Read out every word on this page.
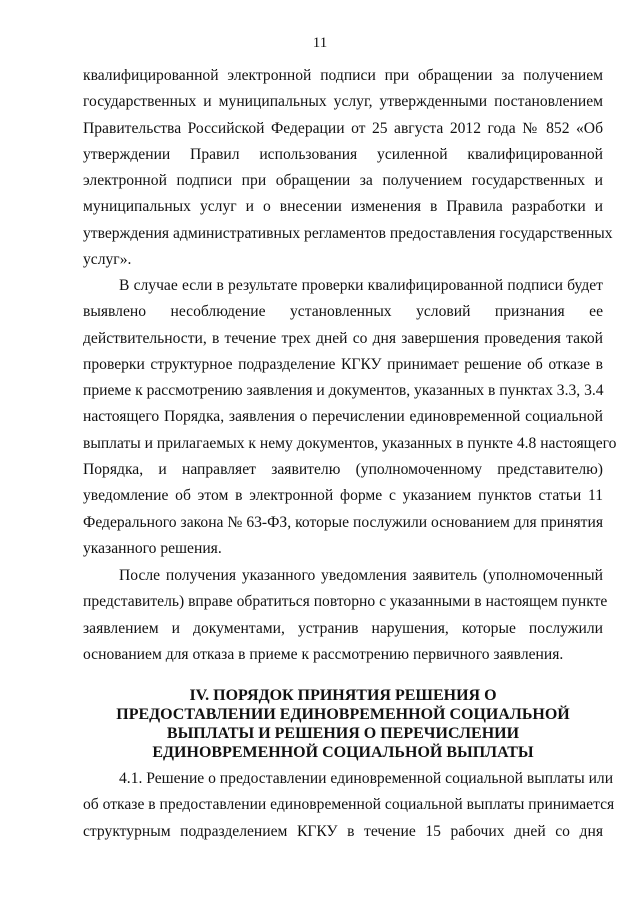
11
квалифицированной электронной подписи при обращении за получением
государственных и муниципальных услуг, утвержденными постановлением
Правительства Российской Федерации от 25 августа 2012 года № 852 «Об
утверждении Правил использования усиленной квалифицированной
электронной подписи при обращении за получением государственных и
муниципальных услуг и о внесении изменения в Правила разработки и
утверждения административных регламентов предоставления государственных
услуг».
В случае если в результате проверки квалифицированной подписи будет
выявлено несоблюдение установленных условий признания ее
действительности, в течение трех дней со дня завершения проведения такой
проверки структурное подразделение КГКУ принимает решение об отказе в
приеме к рассмотрению заявления и документов, указанных в пунктах 3.3, 3.4
настоящего Порядка, заявления о перечислении единовременной социальной
выплаты и прилагаемых к нему документов, указанных в пункте 4.8 настоящего
Порядка, и направляет заявителю (уполномоченному представителю)
уведомление об этом в электронной форме с указанием пунктов статьи 11
Федерального закона № 63-ФЗ, которые послужили основанием для принятия
указанного решения.
После получения указанного уведомления заявитель (уполномоченный
представитель) вправе обратиться повторно с указанными в настоящем пункте
заявлением и документами, устранив нарушения, которые послужили
основанием для отказа в приеме к рассмотрению первичного заявления.
IV. ПОРЯДОК ПРИНЯТИЯ РЕШЕНИЯ О
ПРЕДОСТАВЛЕНИИ ЕДИНОВРЕМЕННОЙ СОЦИАЛЬНОЙ
ВЫПЛАТЫ И РЕШЕНИЯ О ПЕРЕЧИСЛЕНИИ
ЕДИНОВРЕМЕННОЙ СОЦИАЛЬНОЙ ВЫПЛАТЫ
4.1. Решение о предоставлении единовременной социальной выплаты или
об отказе в предоставлении единовременной социальной выплаты принимается
структурным подразделением КГКУ в течение 15 рабочих дней со дня
